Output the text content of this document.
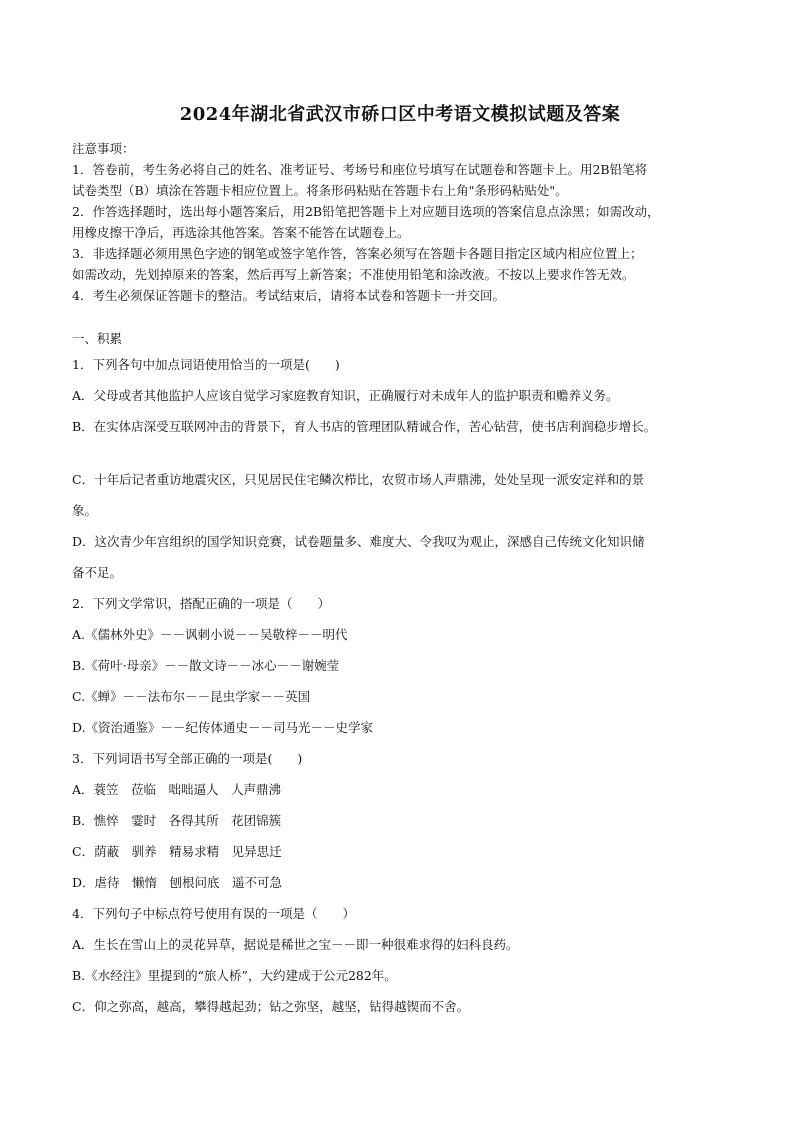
2024年湖北省武汉市硚口区中考语文模拟试题及答案
注意事项：
1．答卷前，考生务必将自己的姓名、准考证号、考场号和座位号填写在试题卷和答题卡上。用2B铅笔将
试卷类型（B）填涂在答题卡相应位置上。将条形码粘贴在答题卡右上角"条形码粘贴处"。
2．作答选择题时，选出每小题答案后，用2B铅笔把答题卡上对应题目选项的答案信息点涂黑；如需改动，
用橡皮擦干净后，再选涂其他答案。答案不能答在试题卷上。
3．非选择题必须用黑色字迹的钢笔或签字笔作答，答案必须写在答题卡各题目指定区域内相应位置上；
如需改动，先划掉原来的答案，然后再写上新答案；不准使用铅笔和涂改液。不按以上要求作答无效。
4．考生必须保证答题卡的整洁。考试结束后，请将本试卷和答题卡一并交回。
一、积累
1．下列各句中加点词语使用恰当的一项是(　　)
A．父母或者其他监护人应该自觉学习家庭教育知识，正确履行对未成年人的监护职责和赡养义务。
B．在实体店深受互联网冲击的背景下，育人书店的管理团队精诚合作，苦心钻营，使书店利润稳步增长。
C．十年后记者重访地震灾区，只见居民住宅鳞次栉比，农贸市场人声鼎沸，处处呈现一派安定祥和的景
象。
D．这次青少年宫组织的国学知识竞赛，试卷题量多、难度大、令我叹为观止，深感自己传统文化知识储
备不足。
2．下列文学常识，搭配正确的一项是（　　）
A.《儒林外史》－－讽刺小说－－吴敬梓－－明代
B.《荷叶·母亲》－－散文诗－－冰心－－谢婉莹
C.《蝉》－－法布尔－－昆虫学家－－英国
D.《资治通鉴》－－纪传体通史－－司马光－－史学家
3．下列词语书写全部正确的一项是(　　)
A．蓑笠　莅临　咄咄逼人　人声鼎沸
B．憔悴　霎时　各得其所　花团锦簇
C．荫蔽　驯养　精易求精　见异思迁
D．虐待　懒惰　刨根问底　遥不可急
4．下列句子中标点符号使用有误的一项是（　　）
A．生长在雪山上的灵花异草，据说是稀世之宝－－即一种很难求得的妇科良药。
B.《水经注》里提到的“旅人桥”，大约建成于公元282年。
C．仰之弥高，越高，攀得越起劲；钻之弥坚，越坚，钻得越锲而不舍。
